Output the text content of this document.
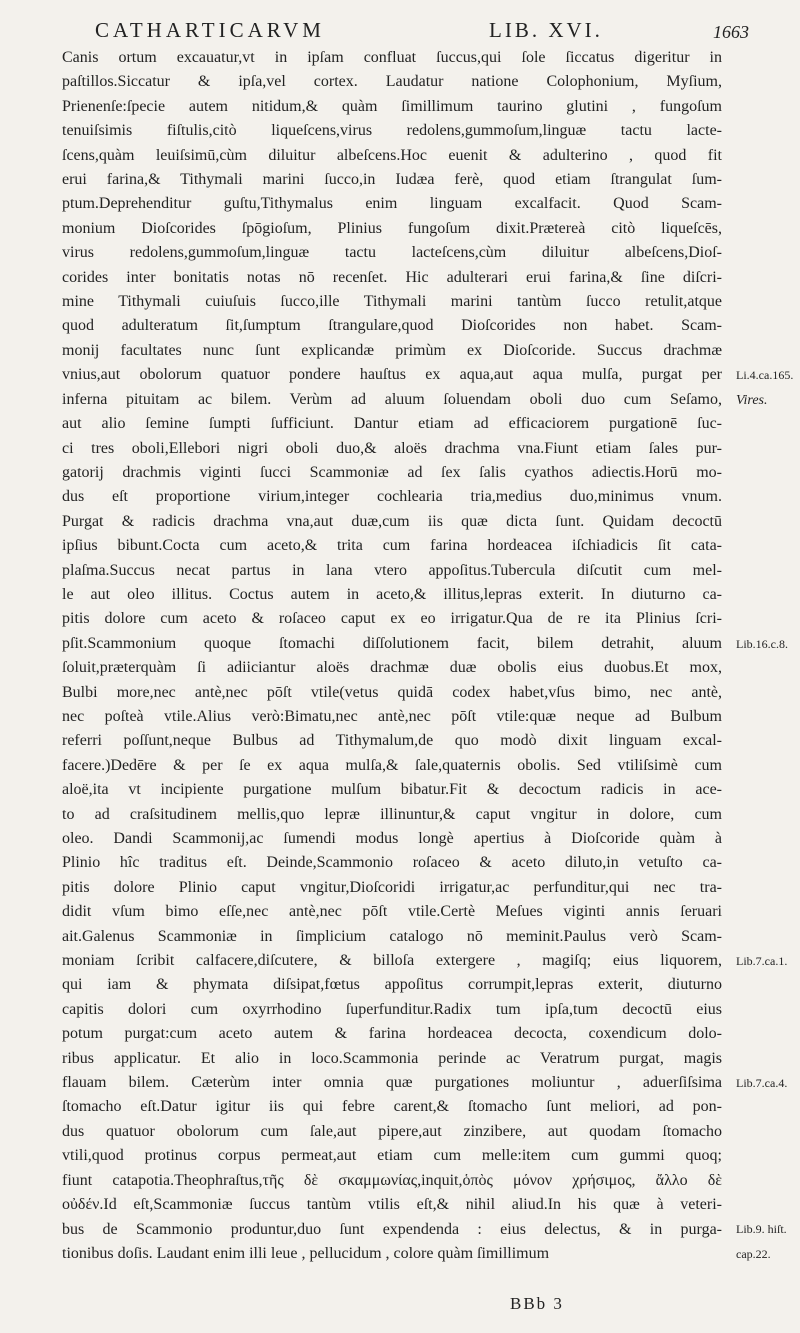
CATHARTICARVM	LIB. XVI.	1663
Canis ortum excauatur,vt in ipſam confluat ſuccus,qui ſole ſiccatus digeritur in
paſtillos.Siccatur & ipſa,vel cortex. Laudatur natione Colophonium, Myſium,
Prienenſe:ſpecie autem nitidum,& quàm ſimillimum taurino glutini , fungoſum
tenuiſsimis fiſtulis,citò liqueſcens,virus redolens,gummoſum,linguæ tactu lacte-
ſcens,quàm leuiſsimū,cùm diluitur albeſcens.Hoc euenit & adulterino , quod fit
erui farina,& Tithymali marini ſucco,in Iudæa ferè, quod etiam ſtrangulat ſum-
ptum.Deprehenditur guſtu,Tithymalus enim linguam excalfacit. Quod Scam-
monium Dioſcorides ſpōgioſum, Plinius fungoſum dixit.Prætereà citò liqueſcēs,
virus redolens,gummoſum,linguæ tactu lacteſcens,cùm diluitur albeſcens,Dioſ-
corides inter bonitatis notas nō recenſet. Hic adulterari erui farina,& ſine diſcri-
mine Tithymali cuiuſuis ſucco,ille Tithymali marini tantùm ſucco retulit,atque
quod adulteratum ſit,ſumptum ſtrangulare,quod Dioſcorides non habet. Scam-
monij facultates nunc ſunt explicandæ primùm ex Dioſcoride. Succus drachmæ
vnius,aut obolorum quatuor pondere hauſtus ex aqua,aut aqua mulſa, purgat per
inferna pituitam ac bilem. Verùm ad aluum ſoluendam oboli duo cum Seſamo,
aut alio ſemine ſumpti ſufficiunt. Dantur etiam ad efficaciorem purgationē ſuc-
ci tres oboli,Ellebori nigri oboli duo,& aloës drachma vna.Fiunt etiam ſales pur-
gatorij drachmis viginti ſucci Scammoniæ ad ſex ſalis cyathos adiectis.Horū mo-
dus eſt proportione virium,integer cochlearia tria,medius duo,minimus vnum.
Purgat & radicis drachma vna,aut duæ,cum iis quæ dicta ſunt. Quidam decoctū
ipſius bibunt.Cocta cum aceto,& trita cum farina hordeacea iſchiadicis ſit cata-
plaſma.Succus necat partus in lana vtero appoſitus.Tubercula diſcutit cum mel-
le aut oleo illitus. Coctus autem in aceto,& illitus,lepras exterit. In diuturno ca-
pitis dolore cum aceto & roſaceo caput ex eo irrigatur.Qua de re ita Plinius ſcri-
pſit.Scammonium quoque ſtomachi diſſolutionem facit, bilem detrahit, aluum
ſoluit,præterquàm ſi adiiciantur aloës drachmæ duæ obolis eius duobus.Et mox,
Bulbi more,nec antè,nec pōſt vtile(vetus quidā codex habet,vſus bimo, nec antè,
nec poſteà vtile.Alius verò:Bimatu,nec antè,nec pōſt vtile:quæ neque ad Bulbum
referri poſſunt,neque Bulbus ad Tithymalum,de quo modò dixit linguam excal-
facere.)Dedēre & per ſe ex aqua mulſa,& ſale,quaternis obolis. Sed vtiliſsimè cum
aloë,ita vt incipiente purgatione mulſum bibatur.Fit & decoctum radicis in ace-
to ad craſsitudinem mellis,quo lepræ illinuntur,& caput vngitur in dolore, cum
oleo. Dandi Scammonij,ac ſumendi modus longè apertius à Dioſcoride quàm à
Plinio hîc traditus eſt. Deinde,Scammonio roſaceo & aceto diluto,in vetuſto ca-
pitis dolore Plinio caput vngitur,Dioſcoridi irrigatur,ac perfunditur,qui nec tra-
didit vſum bimo eſſe,nec antè,nec pōſt vtile.Certè Meſues viginti annis ſeruari
ait.Galenus Scammoniæ in ſimplicium catalogo nō meminit.Paulus verò Scam-
moniam ſcribit calfacere,diſcutere, & billoſa extergere , magiſq; eius liquorem,
qui iam & phymata diſsipat,fœtus appoſitus corrumpit,lepras exterit, diuturno
capitis dolori cum oxyrrhodino ſuperfunditur.Radix tum ipſa,tum decoctū eius
potum purgat:cum aceto autem & farina hordeacea decocta, coxendicum dolo-
ribus applicatur. Et alio in loco.Scammonia perinde ac Veratrum purgat, magis
flauam bilem. Cæterùm inter omnia quæ purgationes moliuntur , aduerſiſsima
ſtomacho eſt.Datur igitur iis qui febre carent,& ſtomacho ſunt meliori, ad pon-
dus quatuor obolorum cum ſale,aut pipere,aut zinzibere, aut quodam ſtomacho
vtili,quod protinus corpus permeat,aut etiam cum melle:item cum gummi quoq;
fiunt catapotia.Theophraſtus,τῆς δὲ σκαμμωνίας,inquit,ὁπὸς μόνον χρήσιμος, ἄλλο δὲ
οὐδέν.Id eſt,Scammoniæ ſuccus tantùm vtilis eſt,& nihil aliud.In his quæ à veteri-
bus de Scammonio produntur,duo ſunt expendenda : eius delectus, & in purga-
tionibus doſis. Laudant enim illi leue , pellucidum , colore quàm ſimillimum
Li.4.ca.165.
Vires.
Lib.16.c.8.
Lib.7.ca.1.
Lib.7.ca.4.
Lib.9. hiſt.
cap.22.
BBb 3
